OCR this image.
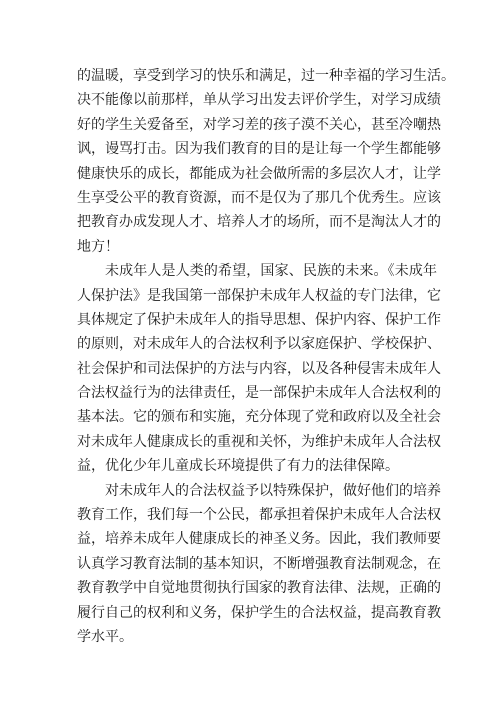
的温暖，享受到学习的快乐和满足，过一种幸福的学习生活。
决不能像以前那样，单从学习出发去评价学生，对学习成绩
好的学生关爱备至，对学习差的孩子漠不关心，甚至冷嘲热
讽，谩骂打击。因为我们教育的目的是让每一个学生都能够
健康快乐的成长，都能成为社会做所需的多层次人才，让学
生享受公平的教育资源，而不是仅为了那几个优秀生。应该
把教育办成发现人才、培养人才的场所，而不是淘汰人才的
地方！
未成年人是人类的希望，国家、民族的未来。《未成年
人保护法》是我国第一部保护未成年人权益的专门法律，它
具体规定了保护未成年人的指导思想、保护内容、保护工作
的原则，对未成年人的合法权利予以家庭保护、学校保护、
社会保护和司法保护的方法与内容，以及各种侵害未成年人
合法权益行为的法律责任，是一部保护未成年人合法权利的
基本法。它的颁布和实施，充分体现了党和政府以及全社会
对未成年人健康成长的重视和关怀，为维护未成年人合法权
益，优化少年儿童成长环境提供了有力的法律保障。
对未成年人的合法权益予以特殊保护，做好他们的培养
教育工作，我们每一个公民，都承担着保护未成年人合法权
益，培养未成年人健康成长的神圣义务。因此，我们教师要
认真学习教育法制的基本知识，不断增强教育法制观念，在
教育教学中自觉地贯彻执行国家的教育法律、法规，正确的
履行自己的权利和义务，保护学生的合法权益，提高教育教
学水平。
